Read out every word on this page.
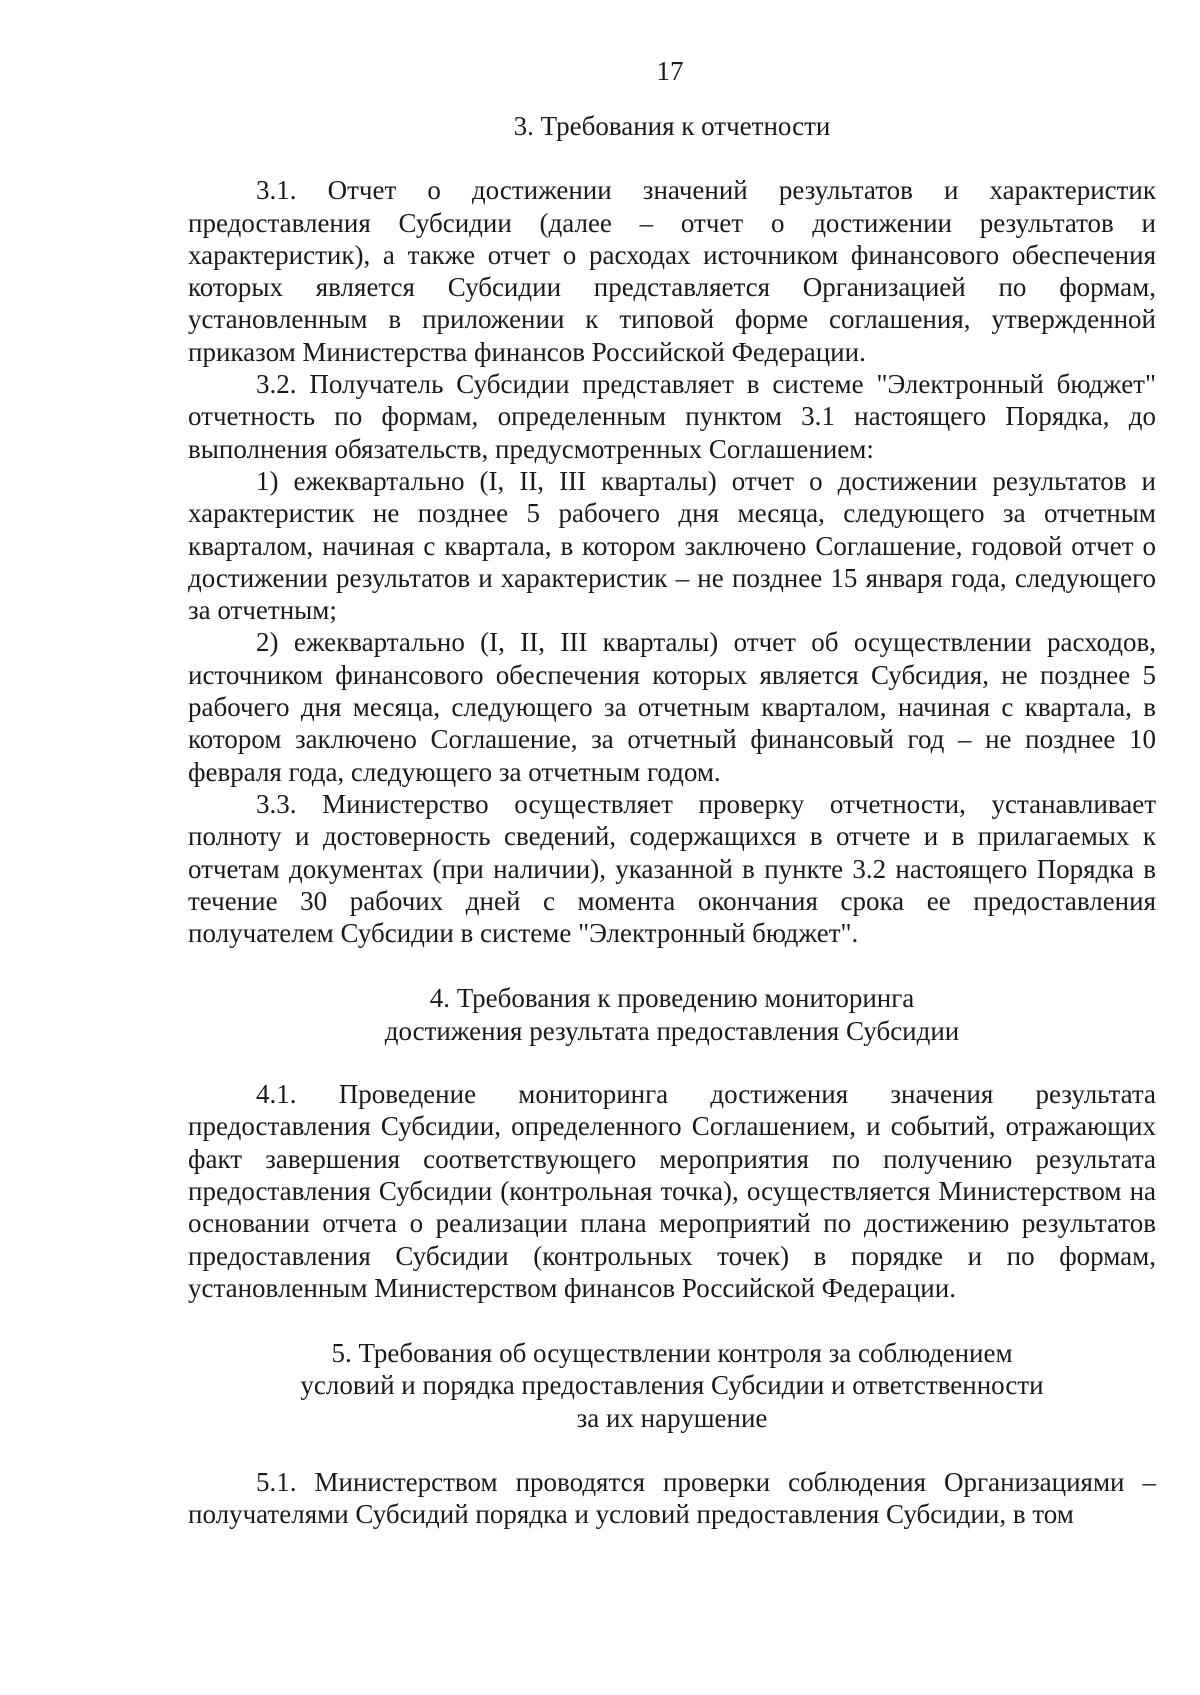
17
3. Требования к отчетности

3.1. Отчет о достижении значений результатов и характеристик предоставления Субсидии (далее – отчет о достижении результатов и характеристик), а также отчет о расходах источником финансового обеспечения которых является Субсидии представляется Организацией по формам, установленным в приложении к типовой форме соглашения, утвержденной приказом Министерства финансов Российской Федерации.

3.2. Получатель Субсидии представляет в системе "Электронный бюджет" отчетность по формам, определенным пунктом 3.1 настоящего Порядка, до выполнения обязательств, предусмотренных Соглашением:

1) ежеквартально (I, II, III кварталы) отчет о достижении результатов и характеристик не позднее 5 рабочего дня месяца, следующего за отчетным кварталом, начиная с квартала, в котором заключено Соглашение, годовой отчет о достижении результатов и характеристик – не позднее 15 января года, следующего за отчетным;

2) ежеквартально (I, II, III кварталы) отчет об осуществлении расходов, источником финансового обеспечения которых является Субсидия, не позднее 5 рабочего дня месяца, следующего за отчетным кварталом, начиная с квартала, в котором заключено Соглашение, за отчетный финансовый год – не позднее 10 февраля года, следующего за отчетным годом.

3.3. Министерство осуществляет проверку отчетности, устанавливает полноту и достоверность сведений, содержащихся в отчете и в прилагаемых к отчетам документах (при наличии), указанной в пункте 3.2 настоящего Порядка в течение 30 рабочих дней с момента окончания срока ее предоставления получателем Субсидии в системе "Электронный бюджет".

4. Требования к проведению мониторинга
достижения результата предоставления Субсидии

4.1. Проведение мониторинга достижения значения результата предоставления Субсидии, определенного Соглашением, и событий, отражающих факт завершения соответствующего мероприятия по получению результата предоставления Субсидии (контрольная точка), осуществляется Министерством на основании отчета о реализации плана мероприятий по достижению результатов предоставления Субсидии (контрольных точек) в порядке и по формам, установленным Министерством финансов Российской Федерации.

5. Требования об осуществлении контроля за соблюдением
условий и порядка предоставления Субсидии и ответственности
за их нарушение

5.1. Министерством проводятся проверки соблюдения Организациями – получателями Субсидий порядка и условий предоставления Субсидии, в том
